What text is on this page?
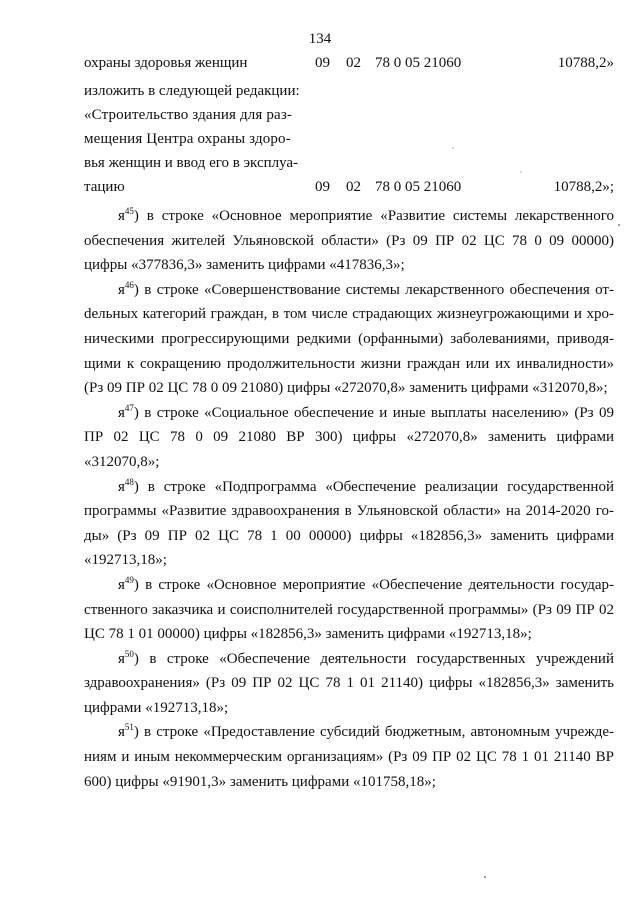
134
охраны здоровья женщин	09 02 78 0 05 21060	10788,2»
изложить в следующей редакции:
«Строительство здания для раз-
мещения Центра охраны здоро-
вья женщин и ввод его в эксплуа-
тацию	09 02 78 0 05 21060	10788,2»;

$я^{45}$) в строке «Основное мероприятие «Развитие системы лекарственного обеспечения жителей Ульяновской области» (Рз 09 ПР 02 ЦС 78 0 09 00000) цифры «377836,3» заменить цифрами «417836,3»;

$я^{46}$) в строке «Совершенствование системы лекарственного обеспечения отdельных категорий граждан, в том числе страдающих жизнеугрожающими и хроническими прогрессирующими редкими (орфанными) заболеваниями, приводящими к сокращению продолжительности жизни граждан или их инвалидности» (Рз 09 ПР 02 ЦС 78 0 09 21080) цифры «272070,8» заменить цифрами «312070,8»;

$я^{47}$) в строке «Социальное обеспечение и иные выплаты населению» (Рз 09 ПР 02 ЦС 78 0 09 21080 ВР 300) цифры «272070,8» заменить цифрами «312070,8»;

$я^{48}$) в строке «Подпрограмма «Обеспечение реализации государственной программы «Развитие здравоохранения в Ульяновской области» на 2014-2020 годы» (Рз 09 ПР 02 ЦС 78 1 00 00000) цифры «182856,3» заменить цифрами «192713,18»;

$я^{49}$) в строке «Основное мероприятие «Обеспечение деятельности государственного заказчика и соисполнителей государственной программы» (Рз 09 ПР 02 ЦС 78 1 01 00000) цифры «182856,3» заменить цифрами «192713,18»;

$я^{50}$) в строке «Обеспечение деятельности государственных учреждений здравоохранения» (Рз 09 ПР 02 ЦС 78 1 01 21140) цифры «182856,3» заменить цифрами «192713,18»;

$я^{51}$) в строке «Предоставление субсидий бюджетным, автономным учреждениям и иным некоммерческим организациям» (Рз 09 ПР 02 ЦС 78 1 01 21140 ВР 600) цифры «91901,3» заменить цифрами «101758,18»;
